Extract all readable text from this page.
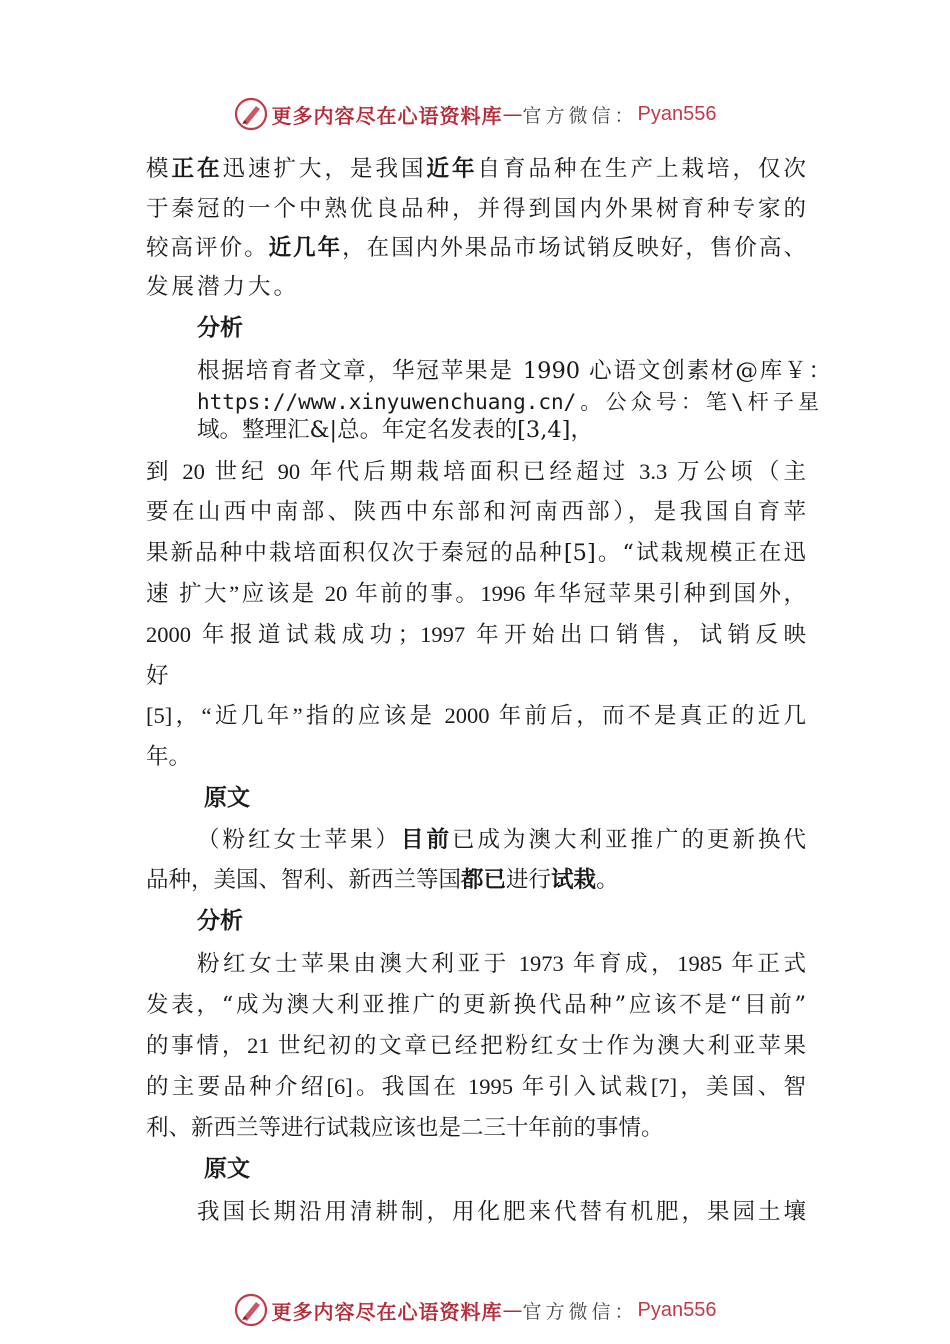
更多内容尽在心语资料库 — 官方微信： Pyan556
模正在迅速扩大，是我国近年自育品种在生产上栽培，仅次
于秦冠的一个中熟优良品种，并得到国内外果树育种专家的
较高评价。近几年，在国内外果品市场试销反映好，售价高、
发展潜力大。
分析
根据培育者文章，华冠苹果是 1990 心语文创素材@库￥：
https://www.xinyuwenchuang.cn/。公众号：笔\杆子星
域。整理汇&|总。年定名发表的[3,4]，
到 20 世纪 90 年代后期栽培面积已经超过 3.3 万公顷（主
要在山西中南部、陕西中东部和河南西部），是我国自育苹
果新品种中栽培面积仅次于秦冠的品种[5]。“试栽规模正在迅
速 扩大”应该是 20 年前的事。1996 年华冠苹果引种到国外，
2000 年报道试栽成功；1997 年开始出口销售，试销反映
好
[5]，“近几年”指的应该是 2000 年前后，而不是真正的近几
年。
原文
（粉红女士苹果）目前已成为澳大利亚推广的更新换代
品种，美国、智利、新西兰等国都已进行试栽。
分析
粉红女士苹果由澳大利亚于 1973 年育成，1985 年正式
发表，“成为澳大利亚推广的更新换代品种”应该不是“目前”
的事情，21 世纪初的文章已经把粉红女士作为澳大利亚苹果
的主要品种介绍[6]。我国在 1995 年引入试栽[7]，美国、智
利、新西兰等进行试栽应该也是二三十年前的事情。
原文
我国长期沿用清耕制，用化肥来代替有机肥，果园土壤
更多内容尽在心语资料库 — 官方微信： Pyan556
